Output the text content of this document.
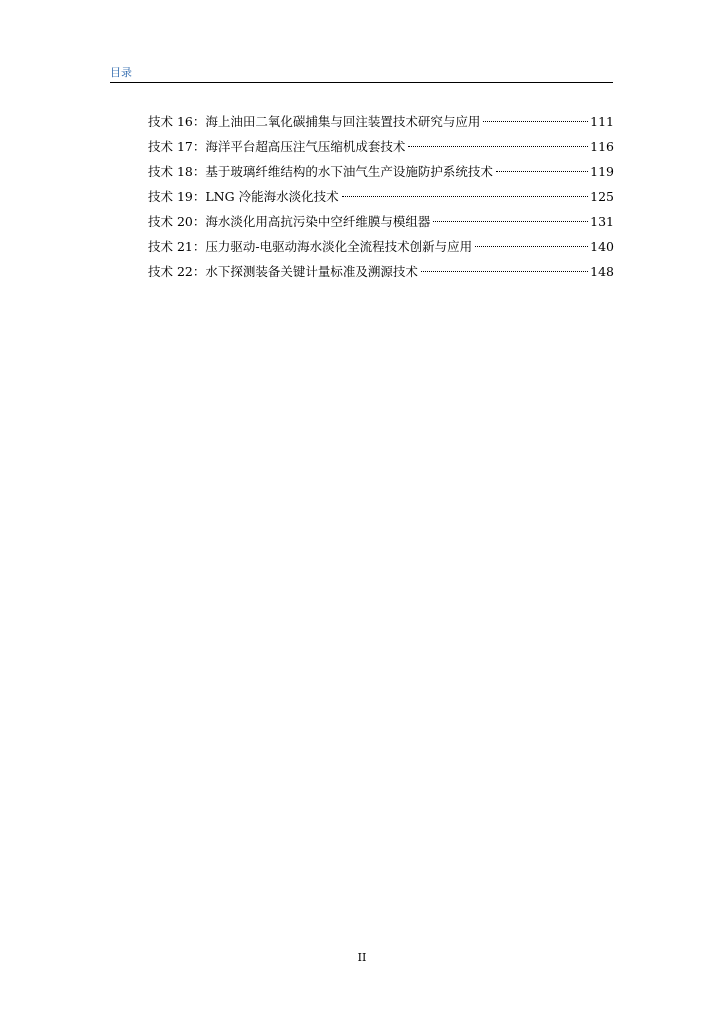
目录
技术 16：海上油田二氧化碳捕集与回注装置技术研究与应用	111
技术 17：海洋平台超高压注气压缩机成套技术	116
技术 18：基于玻璃纤维结构的水下油气生产设施防护系统技术	119
技术 19：LNG 冷能海水淡化技术	125
技术 20：海水淡化用高抗污染中空纤维膜与模组器	131
技术 21：压力驱动-电驱动海水淡化全流程技术创新与应用	140
技术 22：水下探测装备关键计量标准及溯源技术	148
II
